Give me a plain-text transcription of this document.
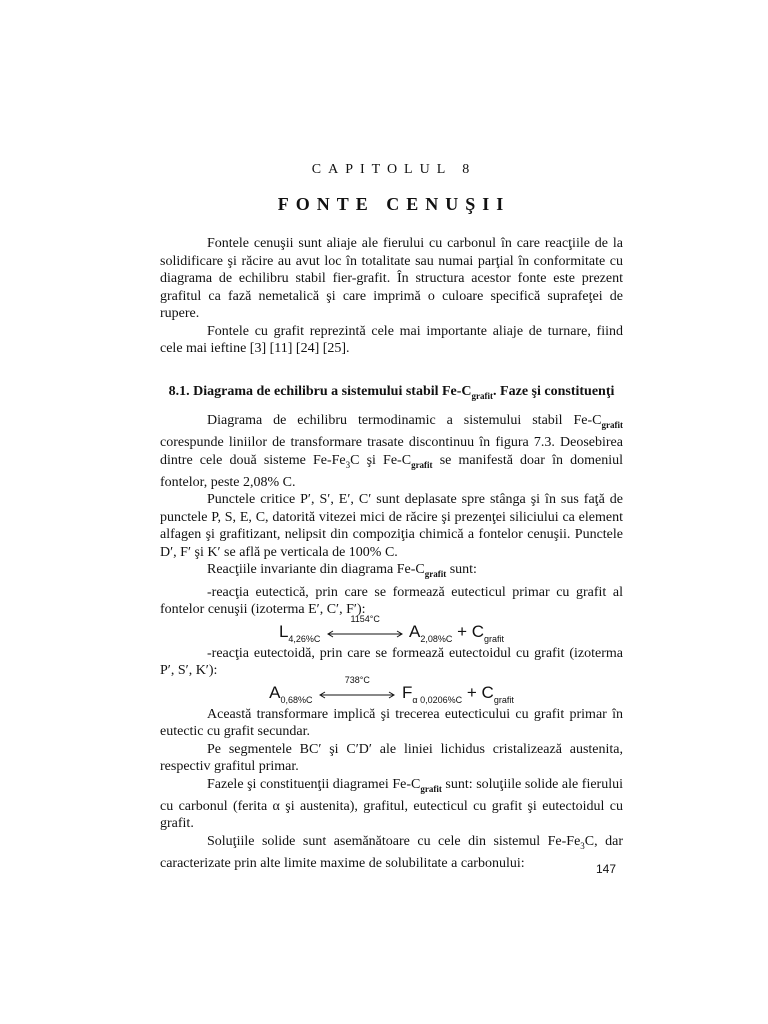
CAPITOLUL 8
FONTE CENUŞII

Fontele cenuşii sunt aliaje ale fierului cu carbonul în care reacţiile de la solidificare şi răcire au avut loc în totalitate sau numai parţial în conformitate cu diagrama de echilibru stabil fier-grafit. În structura acestor fonte este prezent grafitul ca fază nemetalică şi care imprimă o culoare specifică suprafeţei de rupere.

Fontele cu grafit reprezintă cele mai importante aliaje de turnare, fiind cele mai ieftine [3] [11] [24] [25].

8.1. Diagrama de echilibru a sistemului stabil $Fe-C_{grafit}$. Faze şi constituenţi

Diagrama de echilibru termodinamic a sistemului stabil $Fe-C_{grafit}$ corespunde liniilor de transformare trasate discontinuu în figura 7.3. Deosebirea dintre cele două sisteme $Fe-Fe_3C$ şi $Fe-C_{grafit}$ se manifestă doar în domeniul fontelor, peste 2,08% C.

Punctele critice P′, S′, E′, C′ sunt deplasate spre stânga şi în sus faţă de punctele P, S, E, C, datorită vitezei mici de răcire şi prezenţei siliciului ca element alfagen şi grafitizant, nelipsit din compoziţia chimică a fontelor cenuşii. Punctele D′, F′ şi K′ se află pe verticala de 100% C.

Reacţiile invariante din diagrama $Fe-C_{grafit}$ sunt:

-reacţia eutectică, prin care se formează eutecticul primar cu grafit al fontelor cenuşii (izoterma E′, C′, F′):

$L_{4,26\%C}$
1154°C
$A_{2,08\%C} + C_{grafit}$

-reacţia eutectoidă, prin care se formează eutectoidul cu grafit (izoterma P′, S′, K′):

$A_{0,68\%C}$
738°C
$F_{\alpha 0,0206\%C} + C_{grafit}$

Această transformare implică şi trecerea eutecticului cu grafit primar în eutectic cu grafit secundar.

Pe segmentele BC′ şi C′D′ ale liniei lichidus cristalizează austenita, respectiv grafitul primar.

Fazele şi constituenţii diagramei $Fe-C_{grafit}$ sunt: soluţiile solide ale fierului cu carbonul (ferita α şi austenita), grafitul, eutecticul cu grafit şi eutectoidul cu grafit.

Soluţiile solide sunt asemănătoare cu cele din sistemul $Fe-Fe_3C$, dar caracterizate prin alte limite maxime de solubilitate a carbonului:	147
